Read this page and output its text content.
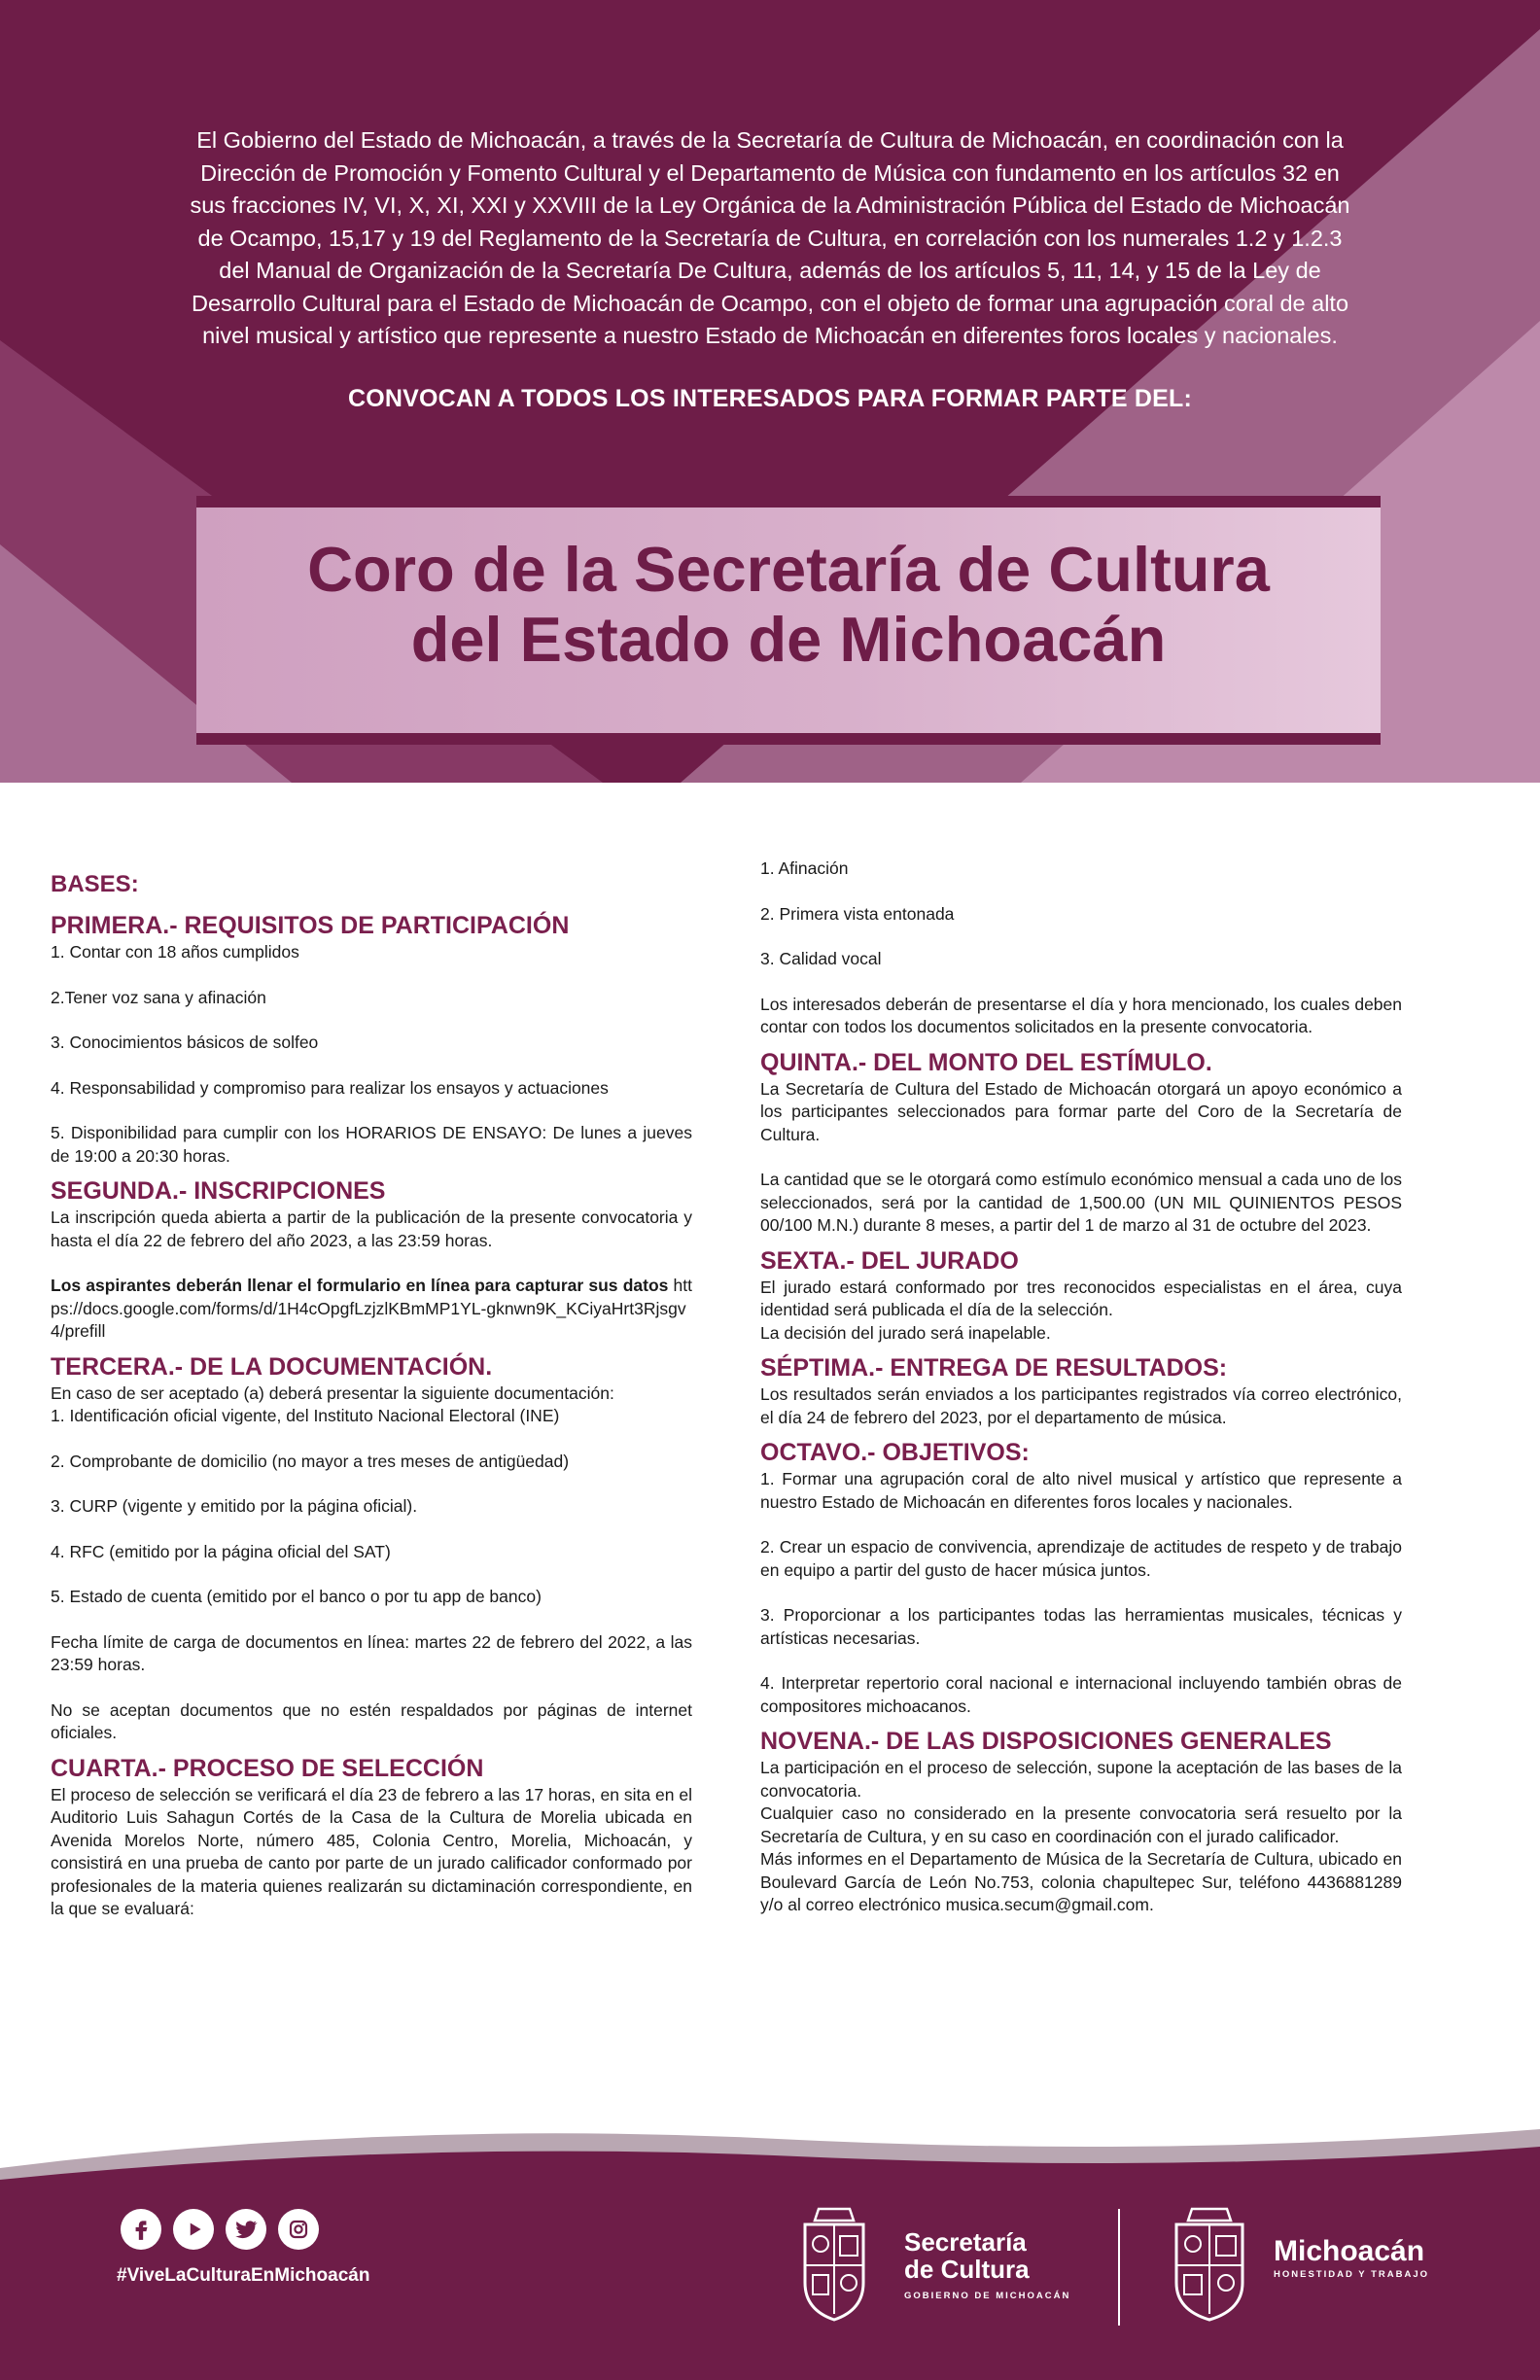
El Gobierno del Estado de Michoacán, a través de la Secretaría de Cultura de Michoacán, en coordinación con la
Dirección de Promoción y Fomento Cultural y el Departamento de Música con fundamento en los artículos 32 en
sus fracciones IV, VI, X, XI, XXI y XXVIII de la Ley Orgánica de la Administración Pública del Estado de Michoacán
de Ocampo, 15,17 y 19 del Reglamento de la Secretaría de Cultura, en correlación con los numerales 1.2 y 1.2.3
del Manual de Organización de la Secretaría De Cultura, además de los artículos 5, 11, 14, y 15 de la Ley de
Desarrollo Cultural para el Estado de Michoacán de Ocampo, con el objeto de formar una agrupación coral de alto
nivel musical y artístico que represente a nuestro Estado de Michoacán en diferentes foros locales y nacionales.
CONVOCAN A TODOS LOS INTERESADOS PARA FORMAR PARTE DEL:
Coro de la Secretaría de Cultura
del Estado de Michoacán
BASES:
PRIMERA.- REQUISITOS DE PARTICIPACIÓN

1. Contar con 18 años cumplidos

2.Tener voz sana y afinación

3. Conocimientos básicos de solfeo

4. Responsabilidad y compromiso para realizar los ensayos y actuaciones

5. Disponibilidad para cumplir con los HORARIOS DE ENSAYO: De lunes a jueves de 19:00 a 20:30 horas.

SEGUNDA.- INSCRIPCIONES

La inscripción queda abierta a partir de la publicación de la presente convocatoria y hasta el día 22 de febrero del año 2023, a las 23:59 horas.

Los aspirantes deberán llenar el formulario en línea para capturar sus datos https://docs.google.com/forms/d/1H4cOpgfLzjzlKBmMP1YL-gknwn9K_KCiyaHrt3Rjsgv4/prefill

TERCERA.- DE LA DOCUMENTACIÓN.

En caso de ser aceptado (a) deberá presentar la siguiente documentación:

1. Identificación oficial vigente, del Instituto Nacional Electoral (INE)

2. Comprobante de domicilio (no mayor a tres meses de antigüedad)

3. CURP (vigente y emitido por la página oficial).

4. RFC (emitido por la página oficial del SAT)

5. Estado de cuenta (emitido por el banco o por tu app de banco)

Fecha límite de carga de documentos en línea: martes 22 de febrero del 2022, a las 23:59 horas.

No se aceptan documentos que no estén respaldados por páginas de internet oficiales.

CUARTA.- PROCESO DE SELECCIÓN

El proceso de selección se verificará el día 23 de febrero a las 17 horas, en sita en el Auditorio Luis Sahagun Cortés de la Casa de la Cultura de Morelia ubicada en Avenida Morelos Norte, número 485, Colonia Centro, Morelia, Michoacán, y consistirá en una prueba de canto por parte de un jurado calificador conformado por profesionales de la materia quienes realizarán su dictaminación correspondiente, en la que se evaluará:

1. Afinación

2. Primera vista entonada

3. Calidad vocal

Los interesados deberán de presentarse el día y hora mencionado, los cuales deben contar con todos los documentos solicitados en la presente convocatoria.

QUINTA.- DEL MONTO DEL ESTÍMULO.

La Secretaría de Cultura del Estado de Michoacán otorgará un apoyo económico a los participantes seleccionados para formar parte del Coro de la Secretaría de Cultura.

La cantidad que se le otorgará como estímulo económico mensual a cada uno de los seleccionados, será por la cantidad de 1,500.00 (UN MIL QUINIENTOS PESOS 00/100 M.N.) durante 8 meses, a partir del 1 de marzo al 31 de octubre del 2023.

SEXTA.- DEL JURADO

El jurado estará conformado por tres reconocidos especialistas en el área, cuya identidad será publicada el día de la selección.

La decisión del jurado será inapelable.

SÉPTIMA.- ENTREGA DE RESULTADOS:

Los resultados serán enviados a los participantes registrados vía correo electrónico, el día 24 de febrero del 2023, por el departamento de música.

OCTAVO.- OBJETIVOS:

1. Formar una agrupación coral de alto nivel musical y artístico que represente a nuestro Estado de Michoacán en diferentes foros locales y nacionales.

2. Crear un espacio de convivencia, aprendizaje de actitudes de respeto y de trabajo en equipo a partir del gusto de hacer música juntos.

3. Proporcionar a los participantes todas las herramientas musicales, técnicas y artísticas necesarias.

4. Interpretar repertorio coral nacional e internacional incluyendo también obras de compositores michoacanos.

NOVENA.- DE LAS DISPOSICIONES GENERALES

La participación en el proceso de selección, supone la aceptación de las bases de la convocatoria.

Cualquier caso no considerado en la presente convocatoria será resuelto por la Secretaría de Cultura, y en su caso en coordinación con el jurado calificador.

Más informes en el Departamento de Música de la Secretaría de Cultura, ubicado en Boulevard García de León No.753, colonia chapultepec Sur, teléfono 4436881289 y/o al correo electrónico musica.secum@gmail.com.

#ViveLaCulturaEnMichoacán
Secretaría
de Cultura
GOBIERNO DE MICHOACÁN
Michoacán
HONESTIDAD Y TRABAJO
